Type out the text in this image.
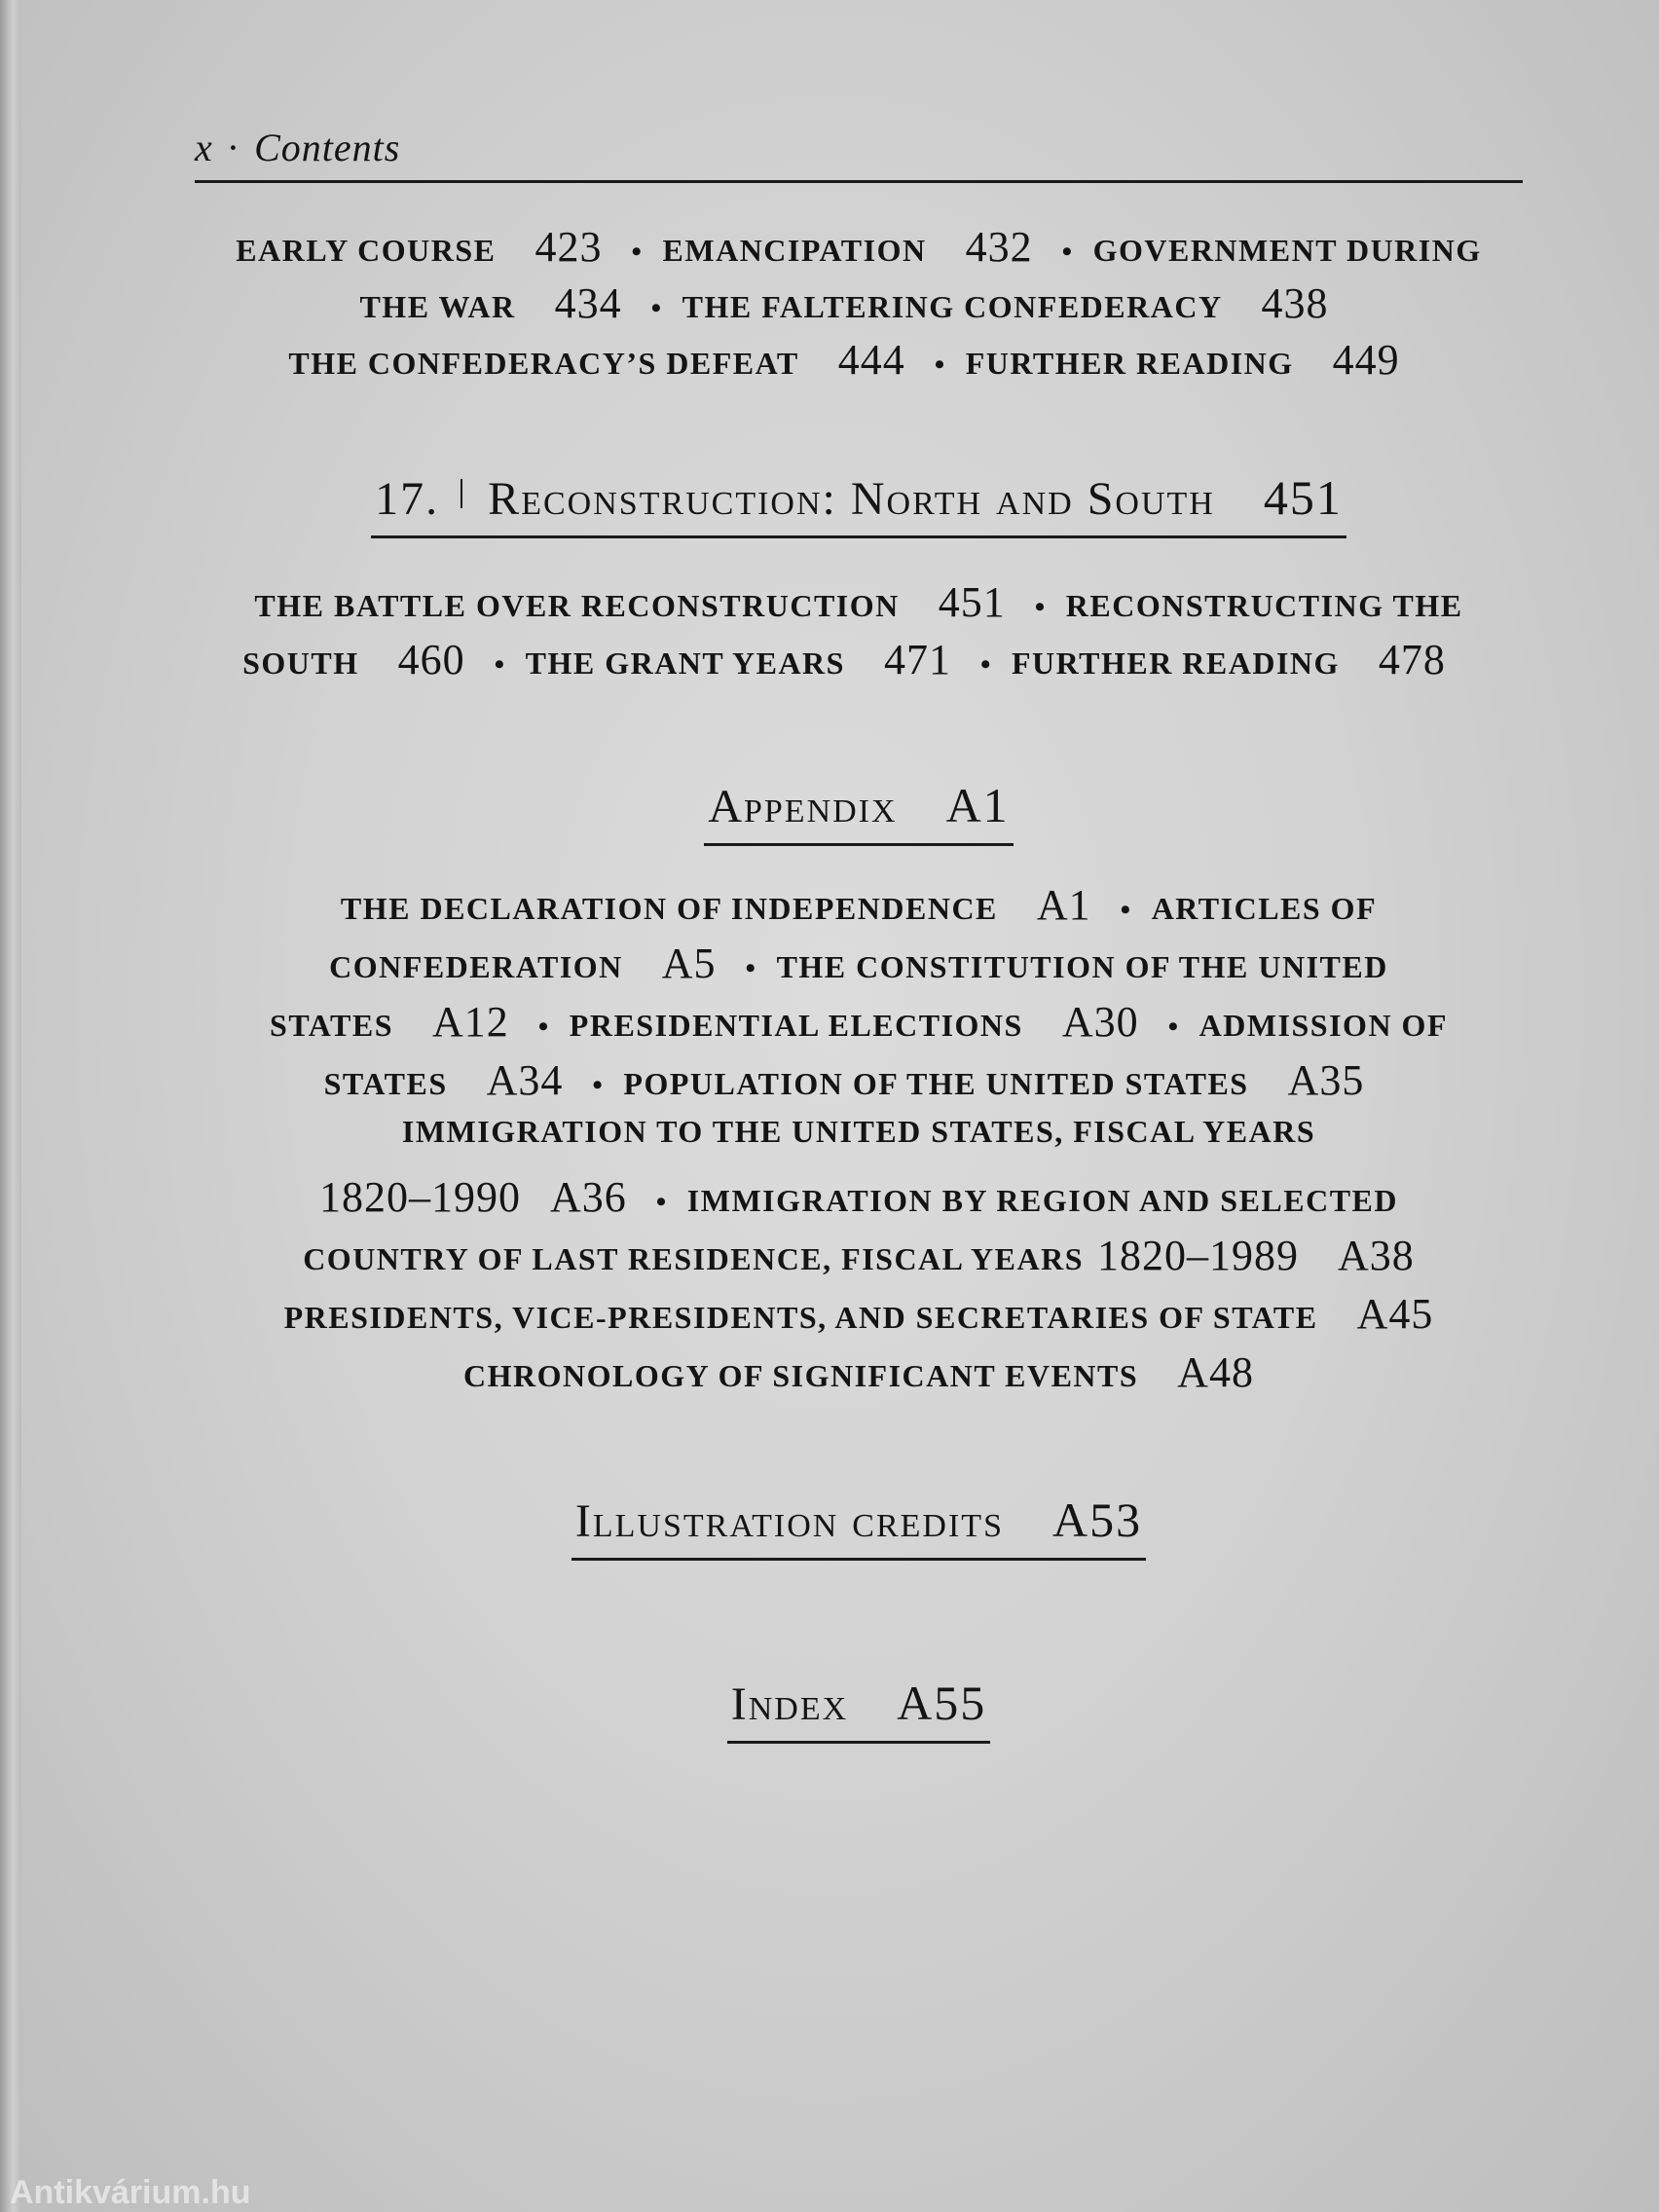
x · Contents
EARLY COURSE 423 • EMANCIPATION 432 • GOVERNMENT DURING
THE WAR 434 • THE FALTERING CONFEDERACY 438
THE CONFEDERACY’S DEFEAT 444 • FURTHER READING 449
17. Reconstruction: North and South 451
THE BATTLE OVER RECONSTRUCTION 451 • RECONSTRUCTING THE
SOUTH 460 • THE GRANT YEARS 471 • FURTHER READING 478
Appendix A1
THE DECLARATION OF INDEPENDENCE A1 • ARTICLES OF
CONFEDERATION A5 • THE CONSTITUTION OF THE UNITED
STATES A12 • PRESIDENTIAL ELECTIONS A30 • ADMISSION OF
STATES A34 • POPULATION OF THE UNITED STATES A35
IMMIGRATION TO THE UNITED STATES, FISCAL YEARS
1820–1990 A36 • IMMIGRATION BY REGION AND SELECTED
COUNTRY OF LAST RESIDENCE, FISCAL YEARS 1820–1989 A38
PRESIDENTS, VICE-PRESIDENTS, AND SECRETARIES OF STATE A45
CHRONOLOGY OF SIGNIFICANT EVENTS A48
Illustration credits A53
Index A55
Antikvárium.hu
